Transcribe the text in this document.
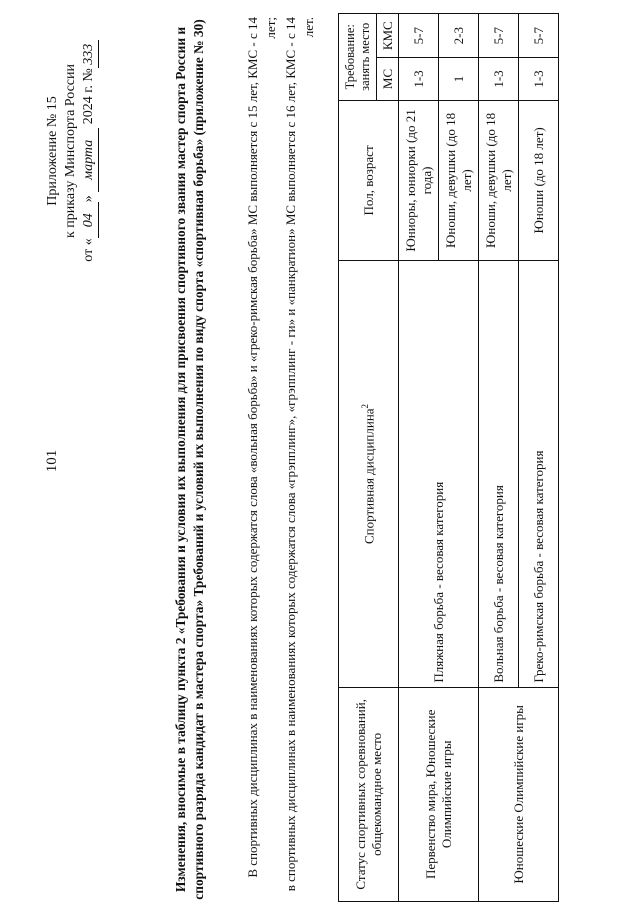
101
Приложение № 15 к приказу Минспорта России
от «04» марта 2024 г. №333	Изменения, вносимые в таблицу пункта 2 «Требования и условия их выполнения для присвоения спортивного звания мастер спорта России и спортивного разряда кандидат в мастера спорта» Требований и условий их выполнения по виду спорта «спортивная борьба» (приложение № 30)	В спортивных дисциплинах в наименованиях которых содержатся слова «вольная борьба» и «греко-римская борьба» МС выполняется с 15 лет, КМС - с 14 лет; в спортивных дисциплинах в наименованиях которых содержатся слова «грэпплинг», «грэпплинг - ги» и «панкратион» МС выполняется с 16 лет, КМС - с 14 лет.
Статус спортивных соревнований, общекомандное место	Спортивная дисциплина$^2$	Пол, возраст	Требование: занять место	
			МС	КМС
Первенство мира, Юношеские Олимпийские игры	Пляжная борьба - весовая категория	Юниоры, юниорки (до 21 года)	1-3	5-7
		Юноши, девушки (до 18 лет)	1	2-3
Юношеские Олимпийские игры	Вольная борьба - весовая категория	Юноши, девушки (до 18 лет)	1-3	5-7
	Греко-римская борьба - весовая категория	Юноши (до 18 лет)	1-3	5-7
